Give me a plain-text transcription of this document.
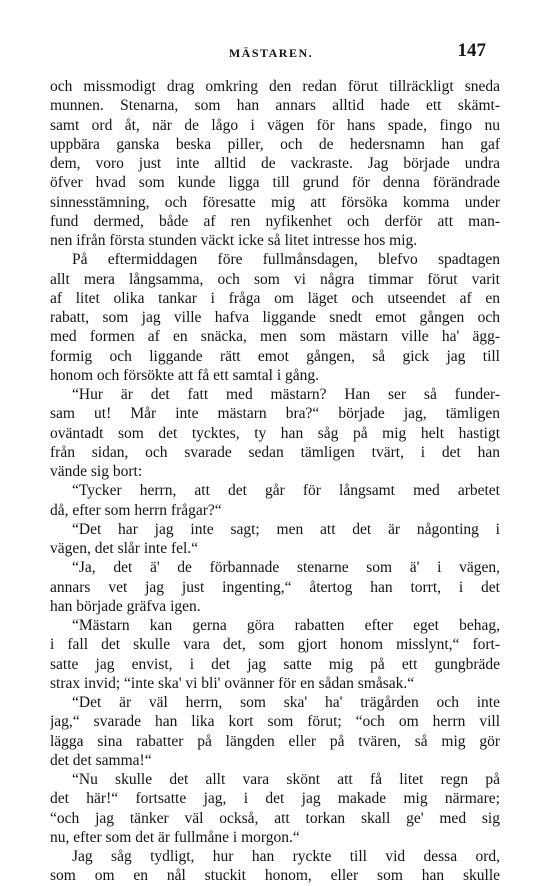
MÄSTAREN.	147
och missmodigt drag omkring den redan förut tillräckligt sneda
munnen. Stenarna, som han annars alltid hade ett skämt-
samt ord åt, när de lågo i vägen för hans spade, fingo nu
uppbära ganska beska piller, och de hedersnamn han gaf
dem, voro just inte alltid de vackraste. Jag började undra
öfver hvad som kunde ligga till grund för denna förändrade
sinnesstämning, och föresatte mig att försöka komma under
fund dermed, både af ren nyfikenhet och derför att man-
nen ifrån första stunden väckt icke så litet intresse hos mig.
På eftermiddagen före fullmånsdagen, blefvo spadtagen
allt mera långsamma, och som vi några timmar förut varit
af litet olika tankar i fråga om läget och utseendet af en
rabatt, som jag ville hafva liggande snedt emot gången och
med formen af en snäcka, men som mästarn ville ha' ägg-
formig och liggande rätt emot gången, så gick jag till
honom och försökte att få ett samtal i gång.
“Hur är det fatt med mästarn? Han ser så funder-
sam ut! Mår inte mästarn bra?“ började jag, tämligen
oväntadt som det tycktes, ty han såg på mig helt hastigt
från sidan, och svarade sedan tämligen tvärt, i det han
vände sig bort:
“Tycker herrn, att det går för långsamt med arbetet
då, efter som herrn frågar?“
“Det har jag inte sagt; men att det är någonting i
vägen, det slår inte fel.“
“Ja, det ä' de förbannade stenarne som ä' i vägen,
annars vet jag just ingenting,“ återtog han torrt, i det
han började gräfva igen.
“Mästarn kan gerna göra rabatten efter eget behag,
i fall det skulle vara det, som gjort honom misslynt,“ fort-
satte jag envist, i det jag satte mig på ett gungbräde
strax invid; “inte ska' vi bli' ovänner för en sådan småsak.“
“Det är väl herrn, som ska' ha' trägården och inte
jag,“ svarade han lika kort som förut; “och om herrn vill
lägga sina rabatter på längden eller på tvären, så mig gör
det det samma!“
“Nu skulle det allt vara skönt att få litet regn på
det här!“ fortsatte jag, i det jag makade mig närmare;
“och jag tänker väl också, att torkan skall ge' med sig
nu, efter som det är fullmåne i morgon.“
Jag såg tydligt, hur han ryckte till vid dessa ord,
som om en nål stuckit honom, eller som han skulle
